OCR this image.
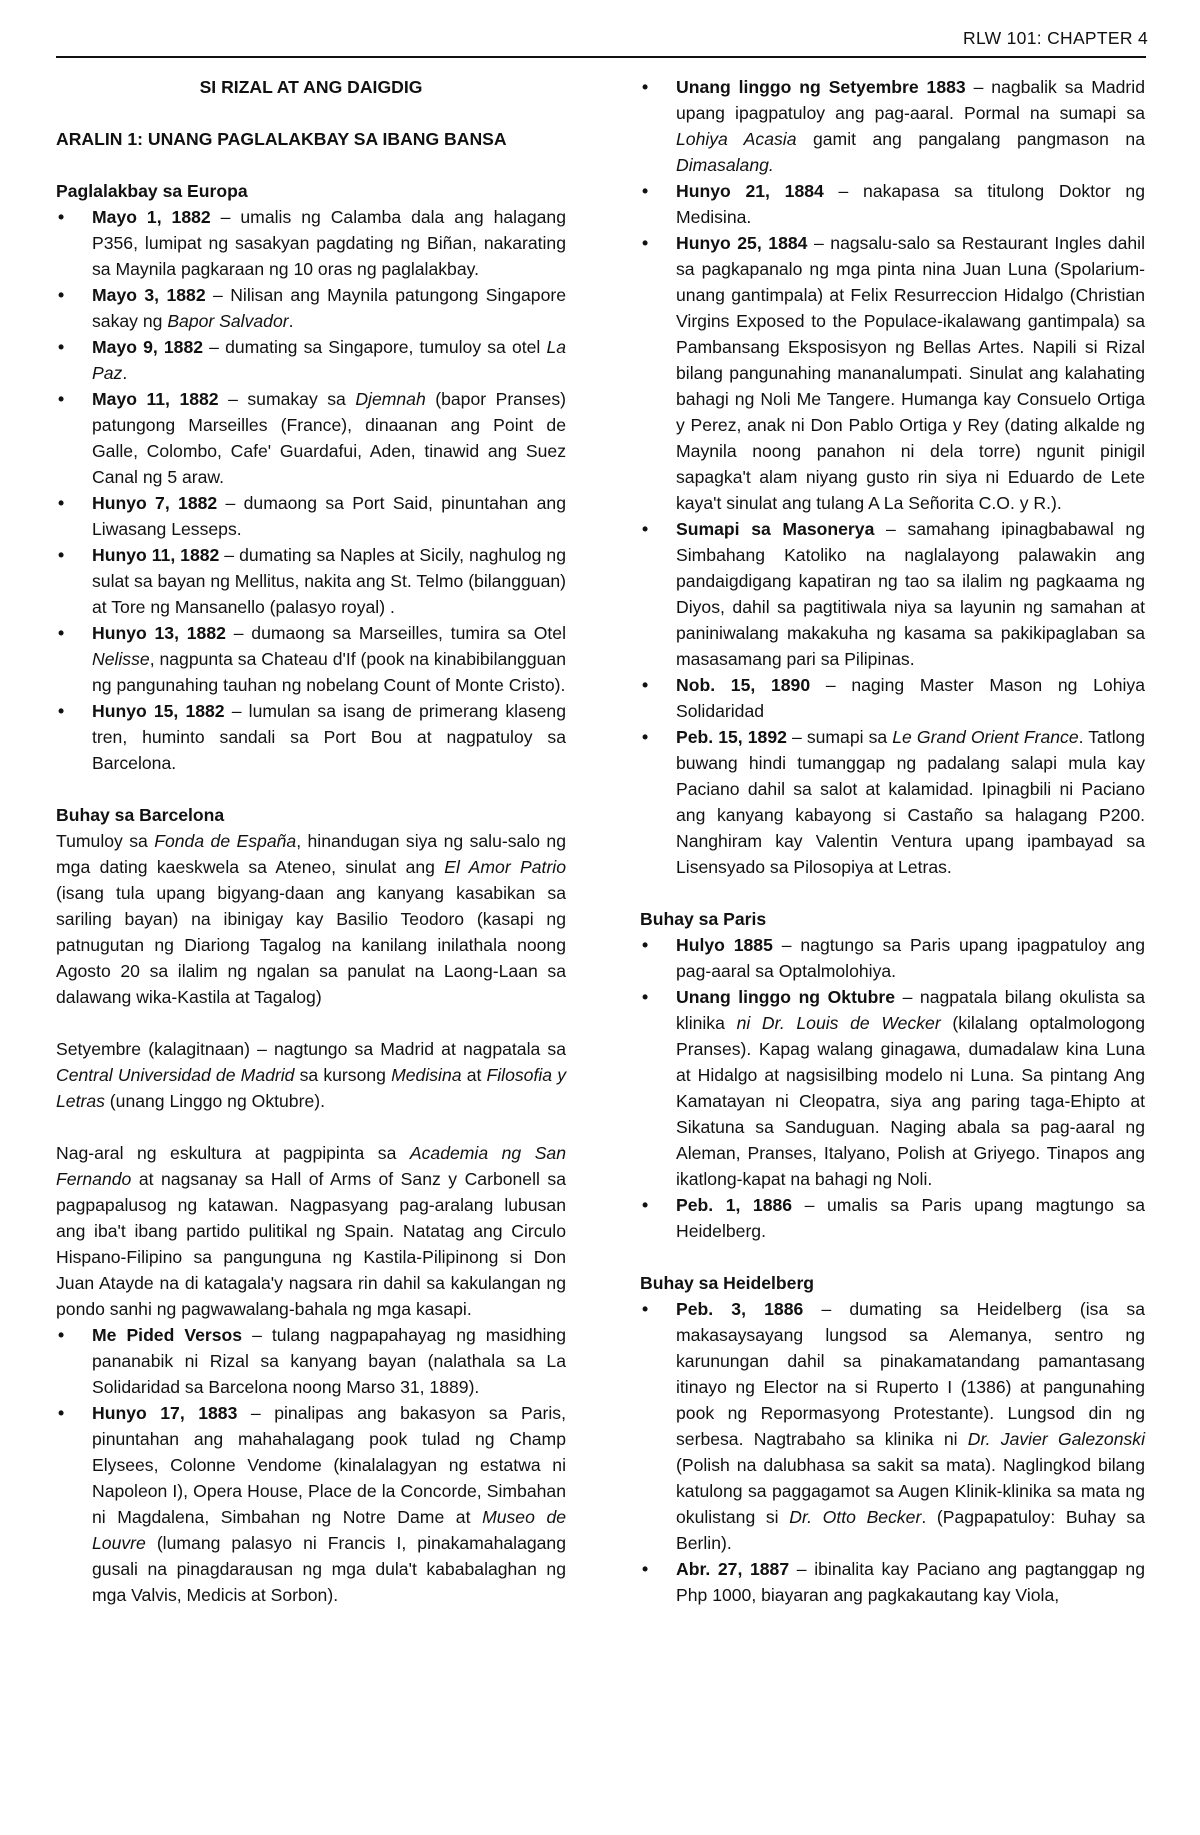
RLW 101: CHAPTER 4

SI RIZAL AT ANG DAIGDIG

ARALIN 1: UNANG PAGLALAKBAY SA IBANG BANSA

Paglalakbay sa Europa

• Mayo 1, 1882 – umalis ng Calamba dala ang halagang P356, lumipat ng sasakyan pagdating ng Biñan, nakarating sa Maynila pagkaraan ng 10 oras ng paglalakbay.
• Mayo 3, 1882 – Nilisan ang Maynila patungong Singapore sakay ng Bapor Salvador.
• Mayo 9, 1882 – dumating sa Singapore, tumuloy sa otel La Paz.
• Mayo 11, 1882 – sumakay sa Djemnah (bapor Pranses) patungong Marseilles (France), dinaanan ang Point de Galle, Colombo, Cafe' Guardafui, Aden, tinawid ang Suez Canal ng 5 araw.
• Hunyo 7, 1882 – dumaong sa Port Said, pinuntahan ang Liwasang Lesseps.
• Hunyo 11, 1882 – dumating sa Naples at Sicily, naghulog ng sulat sa bayan ng Mellitus, nakita ang St. Telmo (bilangguan) at Tore ng Mansanello (palasyo royal) .
• Hunyo 13, 1882 – dumaong sa Marseilles, tumira sa Otel Nelisse, nagpunta sa Chateau d'If (pook na kinabibilangguan ng pangunahing tauhan ng nobelang Count of Monte Cristo).
• Hunyo 15, 1882 – lumulan sa isang de primerang klaseng tren, huminto sandali sa Port Bou at nagpatuloy sa Barcelona.

Buhay sa Barcelona

Tumuloy sa Fonda de España, hinandugan siya ng salu-salo ng mga dating kaeskwela sa Ateneo, sinulat ang El Amor Patrio (isang tula upang bigyang-daan ang kanyang kasabikan sa sariling bayan) na ibinigay kay Basilio Teodoro (kasapi ng patnugutan ng Diariong Tagalog na kanilang inilathala noong Agosto 20 sa ilalim ng ngalan sa panulat na Laong-Laan sa dalawang wika-Kastila at Tagalog)

Setyembre (kalagitnaan) – nagtungo sa Madrid at nagpatala sa Central Universidad de Madrid sa kursong Medisina at Filosofia y Letras (unang Linggo ng Oktubre).

Nag-aral ng eskultura at pagpipinta sa Academia ng San Fernando at nagsanay sa Hall of Arms of Sanz y Carbonell sa pagpapalusog ng katawan. Nagpasyang pag-aralang lubusan ang iba't ibang partido pulitikal ng Spain. Natatag ang Circulo Hispano-Filipino sa pangunguna ng Kastila-Pilipinong si Don Juan Atayde na di katagala'y nagsara rin dahil sa kakulangan ng pondo sanhi ng pagwawalang-bahala ng mga kasapi.

• Me Pided Versos – tulang nagpapahayag ng masidhing pananabik ni Rizal sa kanyang bayan (nalathala sa La Solidaridad sa Barcelona noong Marso 31, 1889).
• Hunyo 17, 1883 – pinalipas ang bakasyon sa Paris, pinuntahan ang mahahalagang pook tulad ng Champ Elysees, Colonne Vendome (kinalalagyan ng estatwa ni Napoleon I), Opera House, Place de la Concorde, Simbahan ni Magdalena, Simbahan ng Notre Dame at Museo de Louvre (lumang palasyo ni Francis I, pinakamahalagang gusali na pinagdarausan ng mga dula't kababalaghan ng mga Valvis, Medicis at Sorbon).
• Unang linggo ng Setyembre 1883 – nagbalik sa Madrid upang ipagpatuloy ang pag-aaral. Pormal na sumapi sa Lohiya Acasia gamit ang pangalang pangmason na Dimasalang.
• Hunyo 21, 1884 – nakapasa sa titulong Doktor ng Medisina.
• Hunyo 25, 1884 – nagsalu-salo sa Restaurant Ingles dahil sa pagkapanalo ng mga pinta nina Juan Luna (Spolarium-unang gantimpala) at Felix Resurreccion Hidalgo (Christian Virgins Exposed to the Populace-ikalawang gantimpala) sa Pambansang Eksposisyon ng Bellas Artes. Napili si Rizal bilang pangunahing mananalumpati. Sinulat ang kalahating bahagi ng Noli Me Tangere. Humanga kay Consuelo Ortiga y Perez, anak ni Don Pablo Ortiga y Rey (dating alkalde ng Maynila noong panahon ni dela torre) ngunit pinigil sapagka't alam niyang gusto rin siya ni Eduardo de Lete kaya't sinulat ang tulang A La Señorita C.O. y R.).
• Sumapi sa Masonerya – samahang ipinagbabawal ng Simbahang Katoliko na naglalayong palawakin ang pandaigdigang kapatiran ng tao sa ilalim ng pagkaama ng Diyos, dahil sa pagtitiwala niya sa layunin ng samahan at paniniwalang makakuha ng kasama sa pakikipaglaban sa masasamang pari sa Pilipinas.
• Nob. 15, 1890 – naging Master Mason ng Lohiya Solidaridad
• Peb. 15, 1892 – sumapi sa Le Grand Orient France. Tatlong buwang hindi tumanggap ng padalang salapi mula kay Paciano dahil sa salot at kalamidad. Ipinagbili ni Paciano ang kanyang kabayong si Castaño sa halagang P200. Nanghiram kay Valentin Ventura upang ipambayad sa Lisensyado sa Pilosopiya at Letras.

Buhay sa Paris

• Hulyo 1885 – nagtungo sa Paris upang ipagpatuloy ang pag-aaral sa Optalmolohiya.
• Unang linggo ng Oktubre – nagpatala bilang okulista sa klinika ni Dr. Louis de Wecker (kilalang optalmologong Pranses). Kapag walang ginagawa, dumadalaw kina Luna at Hidalgo at nagsisilbing modelo ni Luna. Sa pintang Ang Kamatayan ni Cleopatra, siya ang paring taga-Ehipto at Sikatuna sa Sanduguan. Naging abala sa pag-aaral ng Aleman, Pranses, Italyano, Polish at Griyego. Tinapos ang ikatlong-kapat na bahagi ng Noli.
• Peb. 1, 1886 – umalis sa Paris upang magtungo sa Heidelberg.

Buhay sa Heidelberg

• Peb. 3, 1886 – dumating sa Heidelberg (isa sa makasaysayang lungsod sa Alemanya, sentro ng karunungan dahil sa pinakamatandang pamantasang itinayo ng Elector na si Ruperto I (1386) at pangunahing pook ng Repormasyong Protestante). Lungsod din ng serbesa. Nagtrabaho sa klinika ni Dr. Javier Galezonski (Polish na dalubhasa sa sakit sa mata). Naglingkod bilang katulong sa paggagamot sa Augen Klinik-klinika sa mata ng okulistang si Dr. Otto Becker. (Pagpapatuloy: Buhay sa Berlin).
• Abr. 27, 1887 – ibinalita kay Paciano ang pagtanggap ng Php 1000, biayaran ang pagkakautang kay Viola,
